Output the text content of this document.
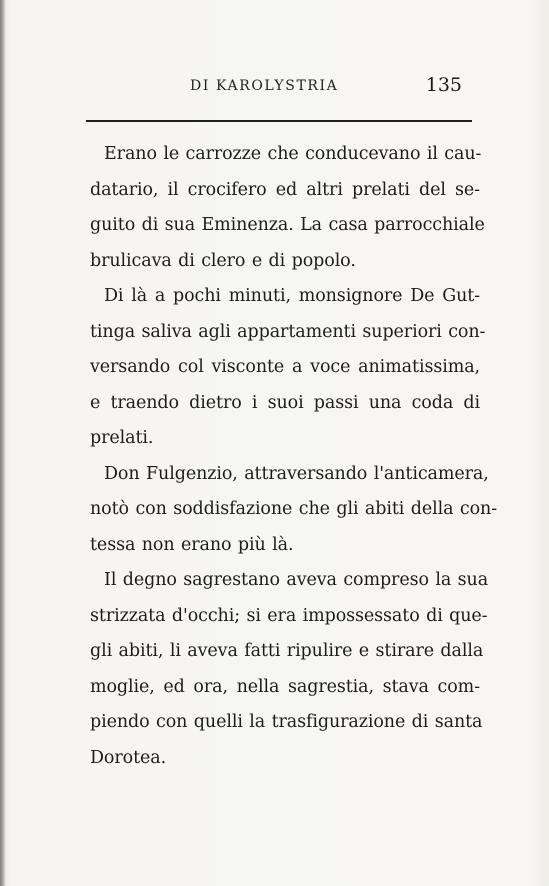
DI KAROLYSTRIA	135

Erano le carrozze che conducevano il cau-
datario, il crocifero ed altri prelati del se-
guito di sua Eminenza. La casa parrocchiale
brulicava di clero e di popolo.

Di là a pochi minuti, monsignore De Gut-
tinga saliva agli appartamenti superiori con-
versando col visconte a voce animatissima,
e traendo dietro i suoi passi una coda di
prelati.

Don Fulgenzio, attraversando l'anticamera,
notò con soddisfazione che gli abiti della con-
tessa non erano più là.

Il degno sagrestano aveva compreso la sua
strizzata d'occhi; si era impossessato di que-
gli abiti, li aveva fatti ripulire e stirare dalla
moglie, ed ora, nella sagrestia, stava com-
piendo con quelli la trasfigurazione di santa
Dorotea.
